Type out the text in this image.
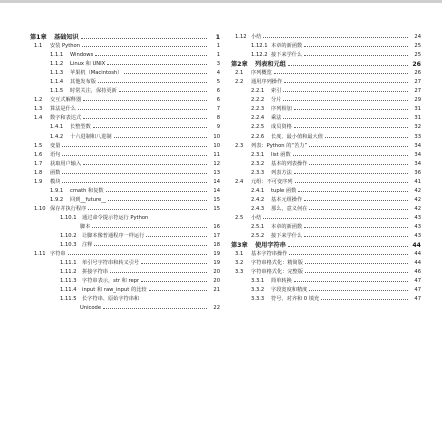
第1章	基础知识	1
1.1	安装 Python	1
1.1.1	Windows	1
1.1.2	Linux 和 UNIX	3
1.1.3	苹果机（Macintosh）	4
1.1.4	其他发布版	5
1.1.5	时常关注，保持更新	6
1.2	交互式解释器	6
1.3	算法是什么	7
1.4	数字和表达式	8
1.4.1	长整型数	9
1.4.2	十六进制和八进制	10
1.5	变量	10
1.6	语句	11
1.7	获取用户输入	12
1.8	函数	13
1.9	模块	14
1.9.1	cmath 和复数	14
1.9.2	回到__future__	15
1.10 保存并执行程序	15
1.10.1	通过命令提示符运行 Python
脚本	16
1.10.2	让脚本像普通程序一样运行	17
1.10.3	注释	18
1.11 字符串	19
1.11.1	单引号字符串和转义引号	19
1.11.2	拼接字符串	20
1.11.3	字符串表示，str 和 repr	20
1.11.4	input 和 raw_input 的比较	21
1.11.5	长字符串、原始字符串和
Unicode	22
1.12 小结	24
1.12.1 本章的新函数	25
1.12.2 接下来学什么	25
第2章	列表和元组	26
2.1	序列概览	26
2.2	通用序列操作	27
2.2.1	索引	27
2.2.2	分片	29
2.2.3	序列相加	31
2.2.4	乘法	31
2.2.5	成员资格	32
2.2.6	长度、最小值和最大值	33
2.3	列表：Python 的“苦力”	34
2.3.1	list 函数	34
2.3.2	基本的列表操作	34
2.3.3	列表方法	36
2.4	元组：不可变序列	41
2.4.1	tuple 函数	42
2.4.2	基本元组操作	42
2.4.3	那么，意义何在	42
2.5	小结	43
2.5.1	本章的新函数	43
2.5.2	接下来学什么	43
第3章	使用字符串	44
3.1	基本字符串操作	44
3.2	字符串格式化：精简版	44
3.3	字符串格式化：完整版	46
3.3.1	简单转换	47
3.3.2	字段宽度和精度	47
3.3.3	符号、对齐和 0 填充	47
